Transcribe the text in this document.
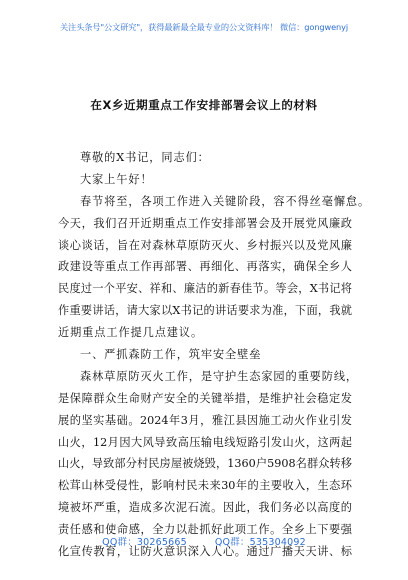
关注头条号"公文研究"，获得最新最全最专业的公文资料库！ 微信：gongwenyj
在X乡近期重点工作安排部署会议上的材料
尊敬的X书记，同志们：
大家上午好！
春节将至，各项工作进入关键阶段，容不得丝毫懈怠。
今天，我们召开近期重点工作安排部署会及开展党风廉政
谈心谈话，旨在对森林草原防灭火、乡村振兴以及党风廉
政建设等重点工作再部署、再细化、再落实，确保全乡人
民度过一个平安、祥和、廉洁的新春佳节。等会，X书记将
作重要讲话，请大家以X书记的讲话要求为准，下面，我就
近期重点工作提几点建议。
一、严抓森防工作，筑牢安全壁垒
森林草原防灭火工作，是守护生态家园的重要防线，
是保障群众生命财产安全的关键举措，是维护社会稳定发
展的坚实基础。2024年3月，雅江县因施工动火作业引发
山火，12月因大风导致高压输电线短路引发山火，这两起
山火，导致部分村民房屋被烧毁，1360户5908名群众转移
松茸山林受侵性，影响村民未来30年的主要收入，生态环
境被坏严重，造成多次泥石流。因此，我们务必以高度的
责任感和使命感，全力以赴抓好此项工作。全乡上下要强
化宣传教育，让防火意识深入人心。通过广播天天讲、标
QQ群：30265665	QQ群：535304092
